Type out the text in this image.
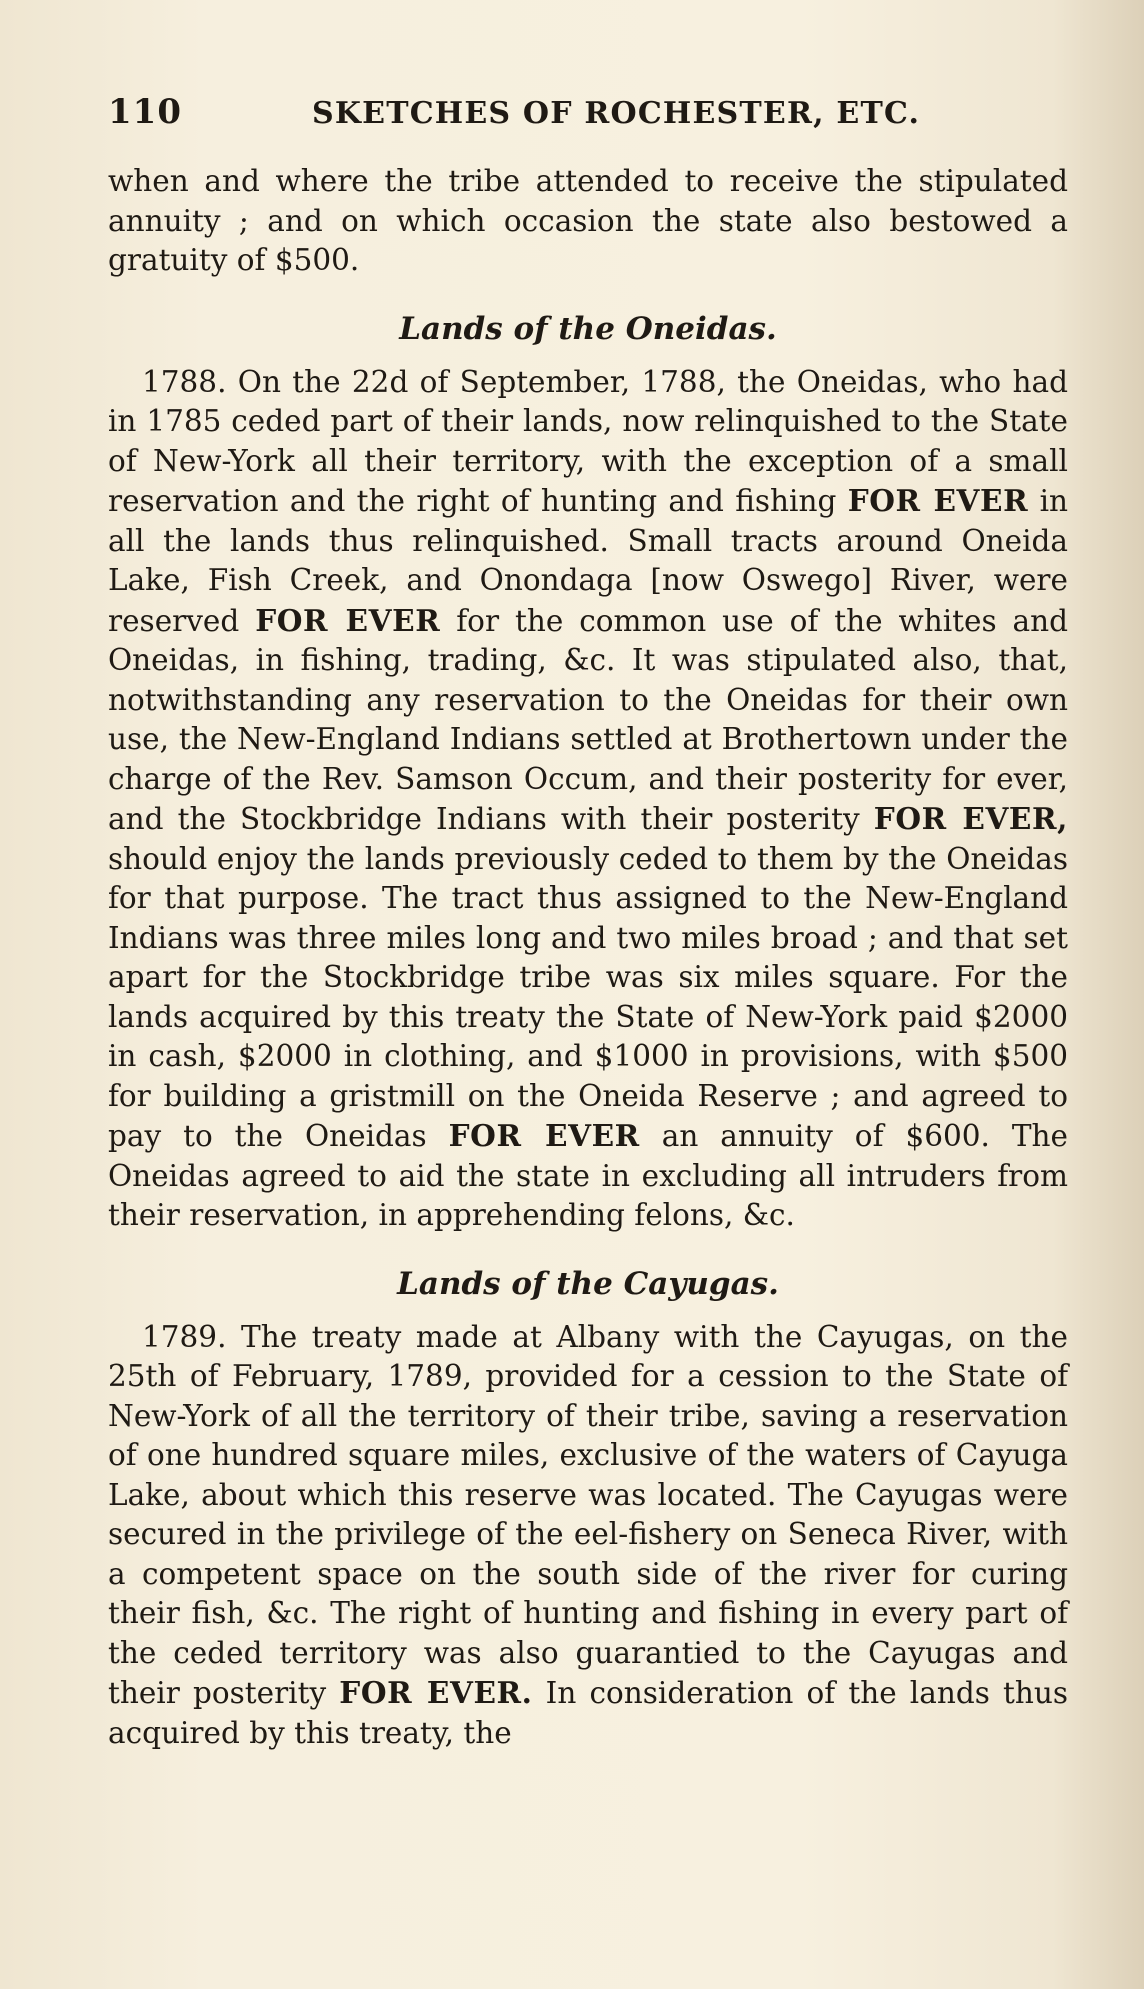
110	SKETCHES OF ROCHESTER, ETC.

when and where the tribe attended to receive the stipulated annuity ; and on which occasion the state also bestowed a gratuity of $500.

Lands of the Oneidas.

1788. On the 22d of September, 1788, the Oneidas, who had in 1785 ceded part of their lands, now relinquished to the State of New-York all their territory, with the exception of a small reservation and the right of hunting and fishing FOR EVER in all the lands thus relinquished. Small tracts around Oneida Lake, Fish Creek, and Onondaga [now Oswego] River, were reserved FOR EVER for the common use of the whites and Oneidas, in fishing, trading, &c. It was stipulated also, that, notwithstanding any reservation to the Oneidas for their own use, the New-England Indians settled at Brothertown under the charge of the Rev. Samson Occum, and their posterity for ever, and the Stockbridge Indians with their posterity FOR EVER, should enjoy the lands previously ceded to them by the Oneidas for that purpose. The tract thus assigned to the New-England Indians was three miles long and two miles broad ; and that set apart for the Stockbridge tribe was six miles square. For the lands acquired by this treaty the State of New-York paid $2000 in cash, $2000 in clothing, and $1000 in provisions, with $500 for building a gristmill on the Oneida Reserve ; and agreed to pay to the Oneidas FOR EVER an annuity of $600. The Oneidas agreed to aid the state in excluding all intruders from their reservation, in apprehending felons, &c.

Lands of the Cayugas.

1789. The treaty made at Albany with the Cayugas, on the 25th of February, 1789, provided for a cession to the State of New-York of all the territory of their tribe, saving a reservation of one hundred square miles, exclusive of the waters of Cayuga Lake, about which this reserve was located. The Cayugas were secured in the privilege of the eel-fishery on Seneca River, with a competent space on the south side of the river for curing their fish, &c. The right of hunting and fishing in every part of the ceded territory was also guarantied to the Cayugas and their posterity FOR EVER. In consideration of the lands thus acquired by this treaty, the
